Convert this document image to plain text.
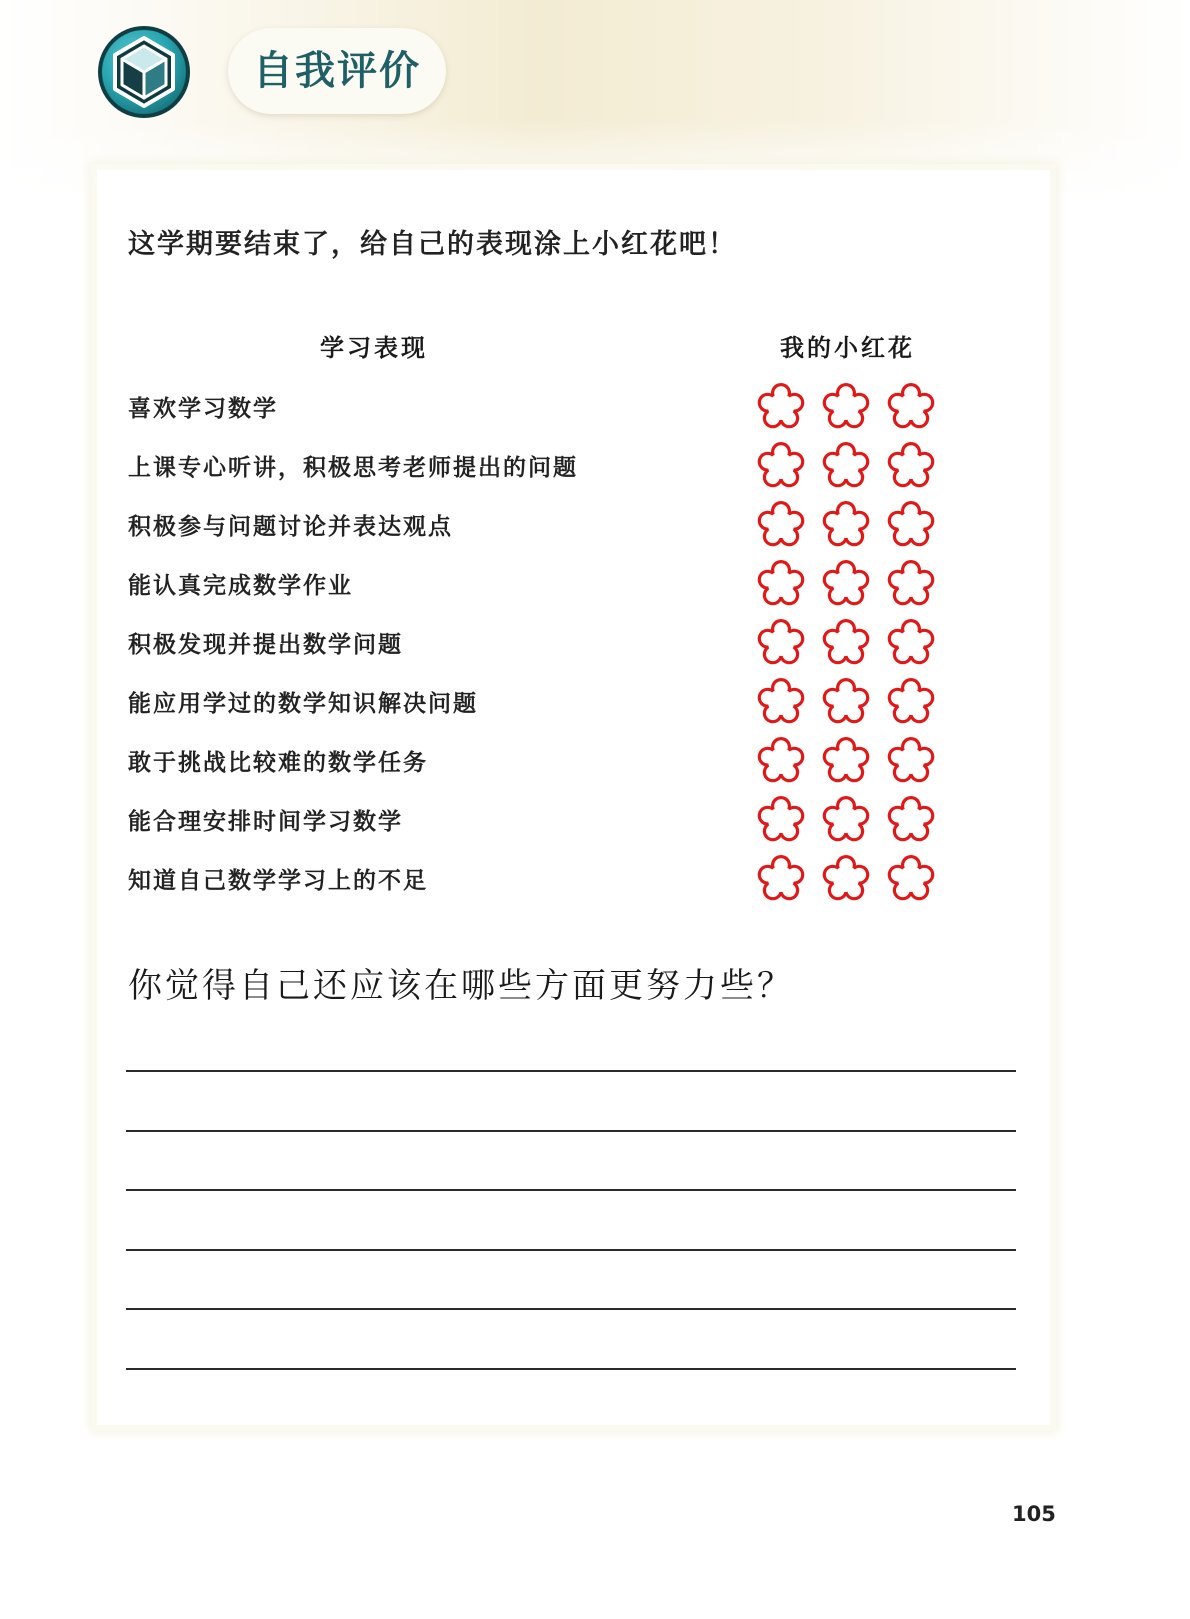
自我评价
这学期要结束了，给自己的表现涂上小红花吧！
学习表现	我的小红花
喜欢学习数学
上课专心听讲，积极思考老师提出的问题
积极参与问题讨论并表达观点
能认真完成数学作业
积极发现并提出数学问题
能应用学过的数学知识解决问题
敢于挑战比较难的数学任务
能合理安排时间学习数学
知道自己数学学习上的不足
你觉得自己还应该在哪些方面更努力些？
105
